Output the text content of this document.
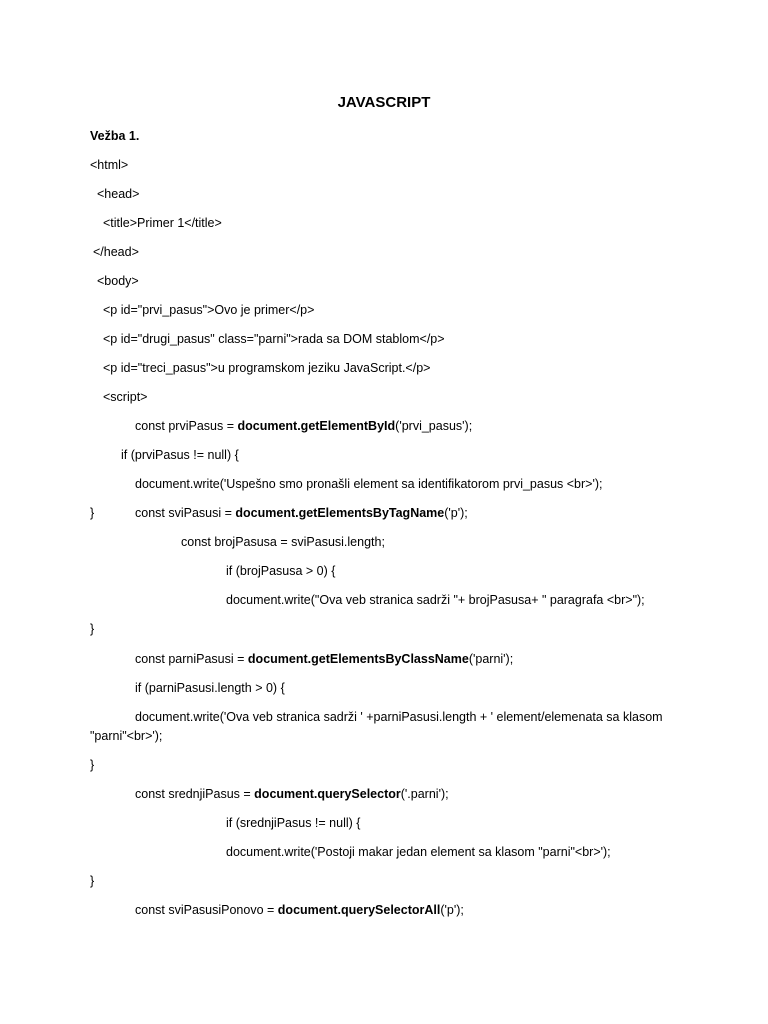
JAVASCRIPT
Vežba 1.
<html>
<head>
<title>Primer 1</title>
</head>
<body>
<p id="prvi_pasus">Ovo je primer</p>
<p id="drugi_pasus" class="parni">rada sa DOM stablom</p>
<p id="treci_pasus">u programskom jeziku JavaScript.</p>
<script>
const prviPasus = document.getElementById('prvi_pasus');
if (prviPasus != null) {
document.write('Uspešno smo pronašli element sa identifikatorom prvi_pasus <br>');
}	const sviPasusi = document.getElementsByTagName('p');
const brojPasusa = sviPasusi.length;
if (brojPasusa > 0) {
document.write("Ova veb stranica sadrži "+ brojPasusa+ " paragrafa <br>");
}
const parniPasusi = document.getElementsByClassName('parni');
if (parniPasusi.length > 0) {
document.write('Ova veb stranica sadrži ' +parniPasusi.length + ' element/elemenata sa klasom
"parni"<br>');
}
const srednjiPasus = document.querySelector('.parni');
if (srednjiPasus != null) {
document.write('Postoji makar jedan element sa klasom "parni"<br>');
}
const sviPasusiPonovo = document.querySelectorAll('p');
